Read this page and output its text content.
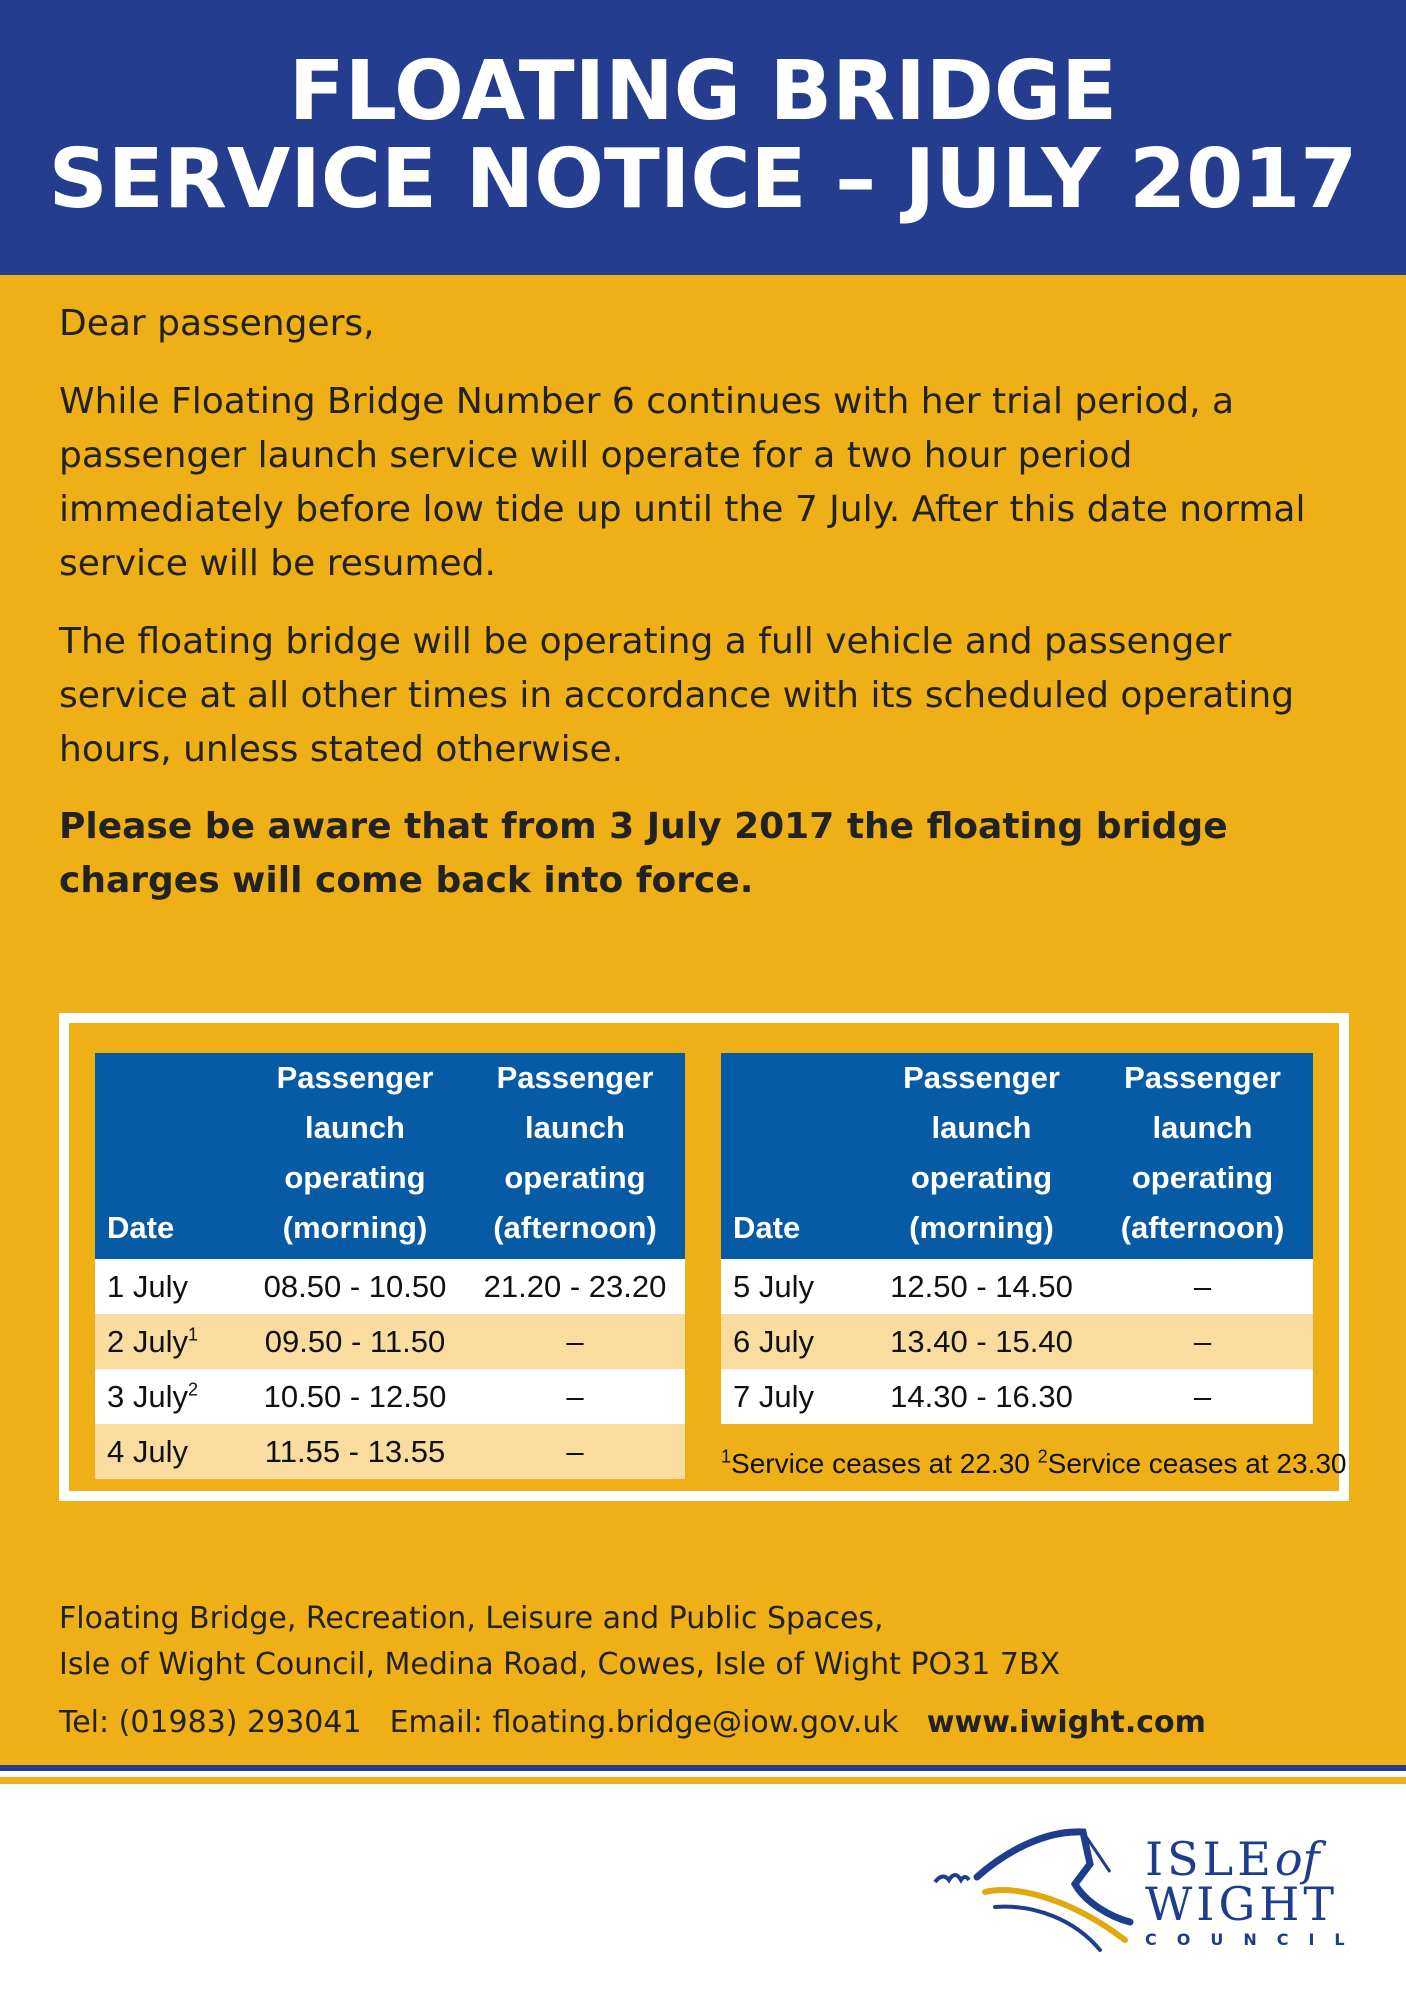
FLOATING BRIDGE
SERVICE NOTICE – JULY 2017

Dear passengers,

While Floating Bridge Number 6 continues with her trial period, a passenger launch service will operate for a two hour period immediately before low tide up until the 7 July. After this date normal service will be resumed.

The floating bridge will be operating a full vehicle and passenger service at all other times in accordance with its scheduled operating hours, unless stated otherwise.

Please be aware that from 3 July 2017 the floating bridge charges will come back into force.

Date	Passenger launch operating (morning)	Passenger launch operating (afternoon)
1 July	08.50 - 10.50	21.20 - 23.20
2 July$^1$	09.50 - 11.50	–
3 July$^2$	10.50 - 12.50	–
4 July	11.55 - 13.55	–
Date	Passenger launch operating (morning)	Passenger launch operating (afternoon)
5 July	12.50 - 14.50	–
6 July	13.40 - 15.40	–
7 July	14.30 - 16.30	–
$^1$Service ceases at 22.30 $^2$Service ceases at 23.30
Floating Bridge, Recreation, Leisure and Public Spaces,
Isle of Wight Council, Medina Road, Cowes, Isle of Wight PO31 7BX
Tel: (01983) 293041 Email: floating.bridge@iow.gov.uk www.iwight.com
ISLEof
WIGHT
COUNCIL
